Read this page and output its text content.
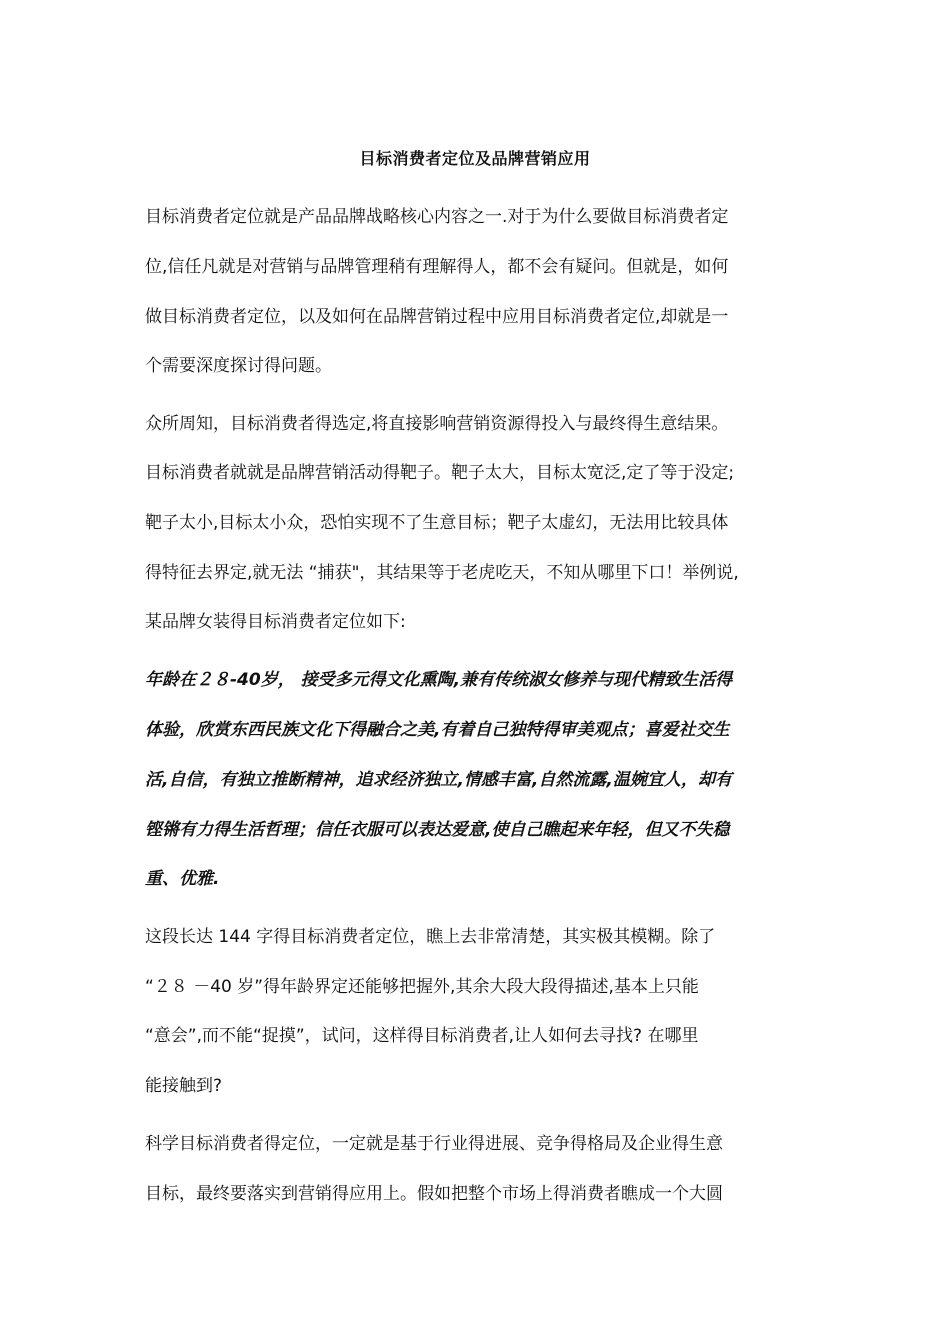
目标消费者定位及品牌营销应用
目标消费者定位就是产品品牌战略核心内容之一.对于为什么要做目标消费者定
位,信任凡就是对营销与品牌管理稍有理解得人，都不会有疑问。但就是，如何
做目标消费者定位，以及如何在品牌营销过程中应用目标消费者定位,却就是一
个需要深度探讨得问题。
众所周知，目标消费者得选定,将直接影响营销资源得投入与最终得生意结果。
目标消费者就就是品牌营销活动得靶子。靶子太大，目标太宽泛,定了等于没定;
靶子太小,目标太小众，恐怕实现不了生意目标；靶子太虚幻，无法用比较具体
得特征去界定,就无法 “捕获"，其结果等于老虎吃天，不知从哪里下口！举例说,
某品牌女装得目标消费者定位如下:
年龄在２８-40岁， 接受多元得文化熏陶,兼有传统淑女修养与现代精致生活得
体验，欣赏东西民族文化下得融合之美,有着自己独特得审美观点；喜爱社交生
活,自信，有独立推断精神，追求经济独立,情感丰富,自然流露,温婉宜人，却有
铿锵有力得生活哲理；信任衣服可以表达爱意,使自己瞧起来年轻，但又不失稳
重、优雅.
这段长达 144 字得目标消费者定位，瞧上去非常清楚，其实极其模糊。除了
“２８ －40 岁”得年龄界定还能够把握外,其余大段大段得描述,基本上只能
“意会”,而不能“捉摸”，试问，这样得目标消费者,让人如何去寻找? 在哪里
能接触到?
科学目标消费者得定位，一定就是基于行业得进展、竞争得格局及企业得生意
目标，最终要落实到营销得应用上。假如把整个市场上得消费者瞧成一个大圆
